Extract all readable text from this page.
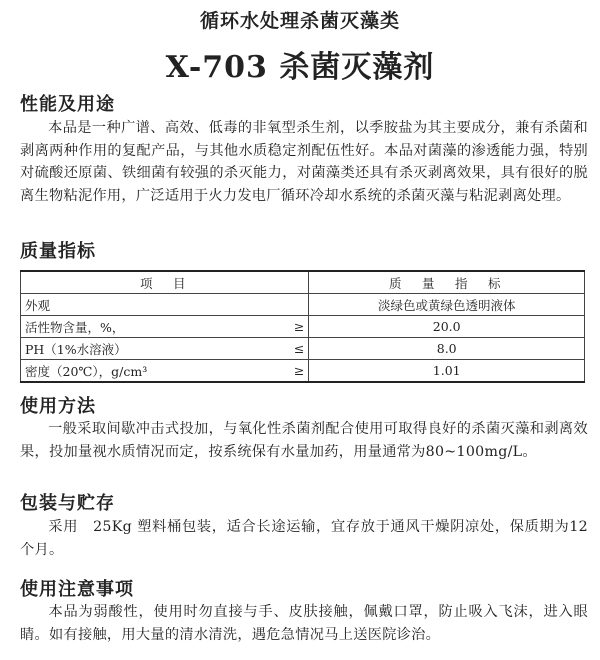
循环水处理杀菌灭藻类
X-703 杀菌灭藻剂
性能及用途
本品是一种广谱、高效、低毒的非氧型杀生剂，以季胺盐为其主要成分，兼有杀菌和剥离两种作用的复配产品，与其他水质稳定剂配伍性好。本品对菌藻的渗透能力强，特别对硫酸还原菌、铁细菌有较强的杀灭能力，对菌藻类还具有杀灭剥离效果，具有很好的脱离生物粘泥作用，广泛适用于火力发电厂循环冷却水系统的杀菌灭藻与粘泥剥离处理。
质量指标
项　目		质　量　指　标
外观		淡绿色或黄绿色透明液体
活性物含量，%，	≥	20.0
PH（1%水溶液）	≤	8.0
密度（20℃），g/cm³	≥	1.01
使用方法
一般采取间歇冲击式投加，与氧化性杀菌剂配合使用可取得良好的杀菌灭藻和剥离效果，投加量视水质情况而定，按系统保有水量加药，用量通常为80~100mg/L。
包装与贮存
采用　25Kg 塑料桶包装，适合长途运输，宜存放于通风干燥阴凉处，保质期为12个月。
使用注意事项
本品为弱酸性，使用时勿直接与手、皮肤接触，佩戴口罩，防止吸入飞沫，进入眼睛。如有接触，用大量的清水清洗，遇危急情况马上送医院诊治。
